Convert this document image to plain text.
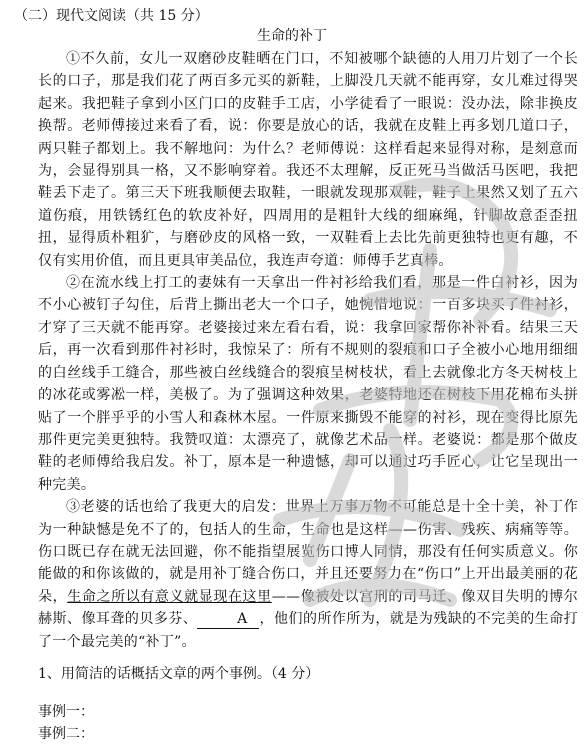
（二）现代文阅读（共 15 分）
生命的补丁

①不久前，女儿一双磨砂皮鞋晒在门口，不知被哪个缺德的人用刀片划了一个长长的口子，那是我们花了两百多元买的新鞋，上脚没几天就不能再穿，女儿难过得哭起来。我把鞋子拿到小区门口的皮鞋手工店，小学徒看了一眼说：没办法，除非换皮换帮。老师傅接过来看了看，说：你要是放心的话，我就在皮鞋上再多划几道口子，两只鞋子都划上。我不解地问：为什么？老师傅说：这样看起来显得对称，是刻意而为，会显得别具一格，又不影响穿着。我还不太理解，反正死马当做活马医吧，我把鞋丢下走了。第三天下班我顺便去取鞋，一眼就发现那双鞋，鞋子上果然又划了五六道伤痕，用铁锈红色的软皮补好，四周用的是粗针大线的细麻绳，针脚故意歪歪扭扭，显得质朴粗犷，与磨砂皮的风格一致，一双鞋看上去比先前更独特也更有趣，不仅有实用价值，而且更具审美品位，我连声夸道：师傅手艺真棒。

②在流水线上打工的妻妹有一天拿出一件衬衫给我们看，那是一件白衬衫，因为不小心被钉子勾住，后背上撕出老大一个口子，她惋惜地说：一百多块买了件衬衫，才穿了三天就不能再穿。老婆接过来左看右看，说：我拿回家帮你补补看。结果三天后，再一次看到那件衬衫时，我惊呆了：所有不规则的裂痕和口子全被小心地用细细的白丝线手工缝合，那些被白丝线缝合的裂痕呈树枝状，看上去就像北方冬天树枝上的冰花或雾凇一样，美极了。为了强调这种效果，老婆特地还在树枝下用花棉布头拼贴了一个胖乎乎的小雪人和森林木屋。一件原来撕毁不能穿的衬衫，现在变得比原先那件更完美更独特。我赞叹道：太漂亮了，就像艺术品一样。老婆说：都是那个做皮鞋的老师傅给我启发。补丁，原本是一种遗憾，却可以通过巧手匠心，让它呈现出一种完美。

③老婆的话也给了我更大的启发：世界上万事万物不可能总是十全十美，补丁作为一种缺憾是免不了的，包括人的生命，生命也是这样——伤害、残疾、病痛等等。伤口既已存在就无法回避，你不能指望展览伤口博人同情，那没有任何实质意义。你能做的和你该做的，就是用补丁缝合伤口，并且还要努力在“伤口”上开出最美丽的花朵，生命之所以有意义就显现在这里——像被处以宫刑的司马迁、像双目失明的博尔赫斯、像耳聋的贝多芬、	A ，他们的所作所为，就是为残缺的不完美的生命打了一个最完美的“补丁”。

1、用简洁的话概括文章的两个事例。（4 分）
事例一：
事例二：
